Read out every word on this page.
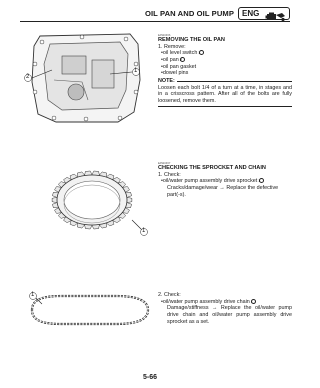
OIL PAN AND OIL PUMP ENG
2
1
EAS00366
REMOVING THE OIL PAN
1. Remove:
•oil level switch 1
•oil pan 2
•oil pan gasket
•dowel pins
NOTE:
Loosen each bolt 1/4 of a turn at a time, in stages and in a crisscross pattern. After all of the bolts are fully loosened, remove them.
1
EAS00367
CHECKING THE SPROCKET AND CHAIN
1. Check:
•oil/water pump assembly drive sprocket 1
Cracks/damage/wear → Replace the defective part(-s).
1	2. Check:
•oil/water pump assembly drive chain 1
Damage/stiffness → Replace the oil/water pump drive chain and oil/water pump assembly drive sprocket as a set.
5-66
